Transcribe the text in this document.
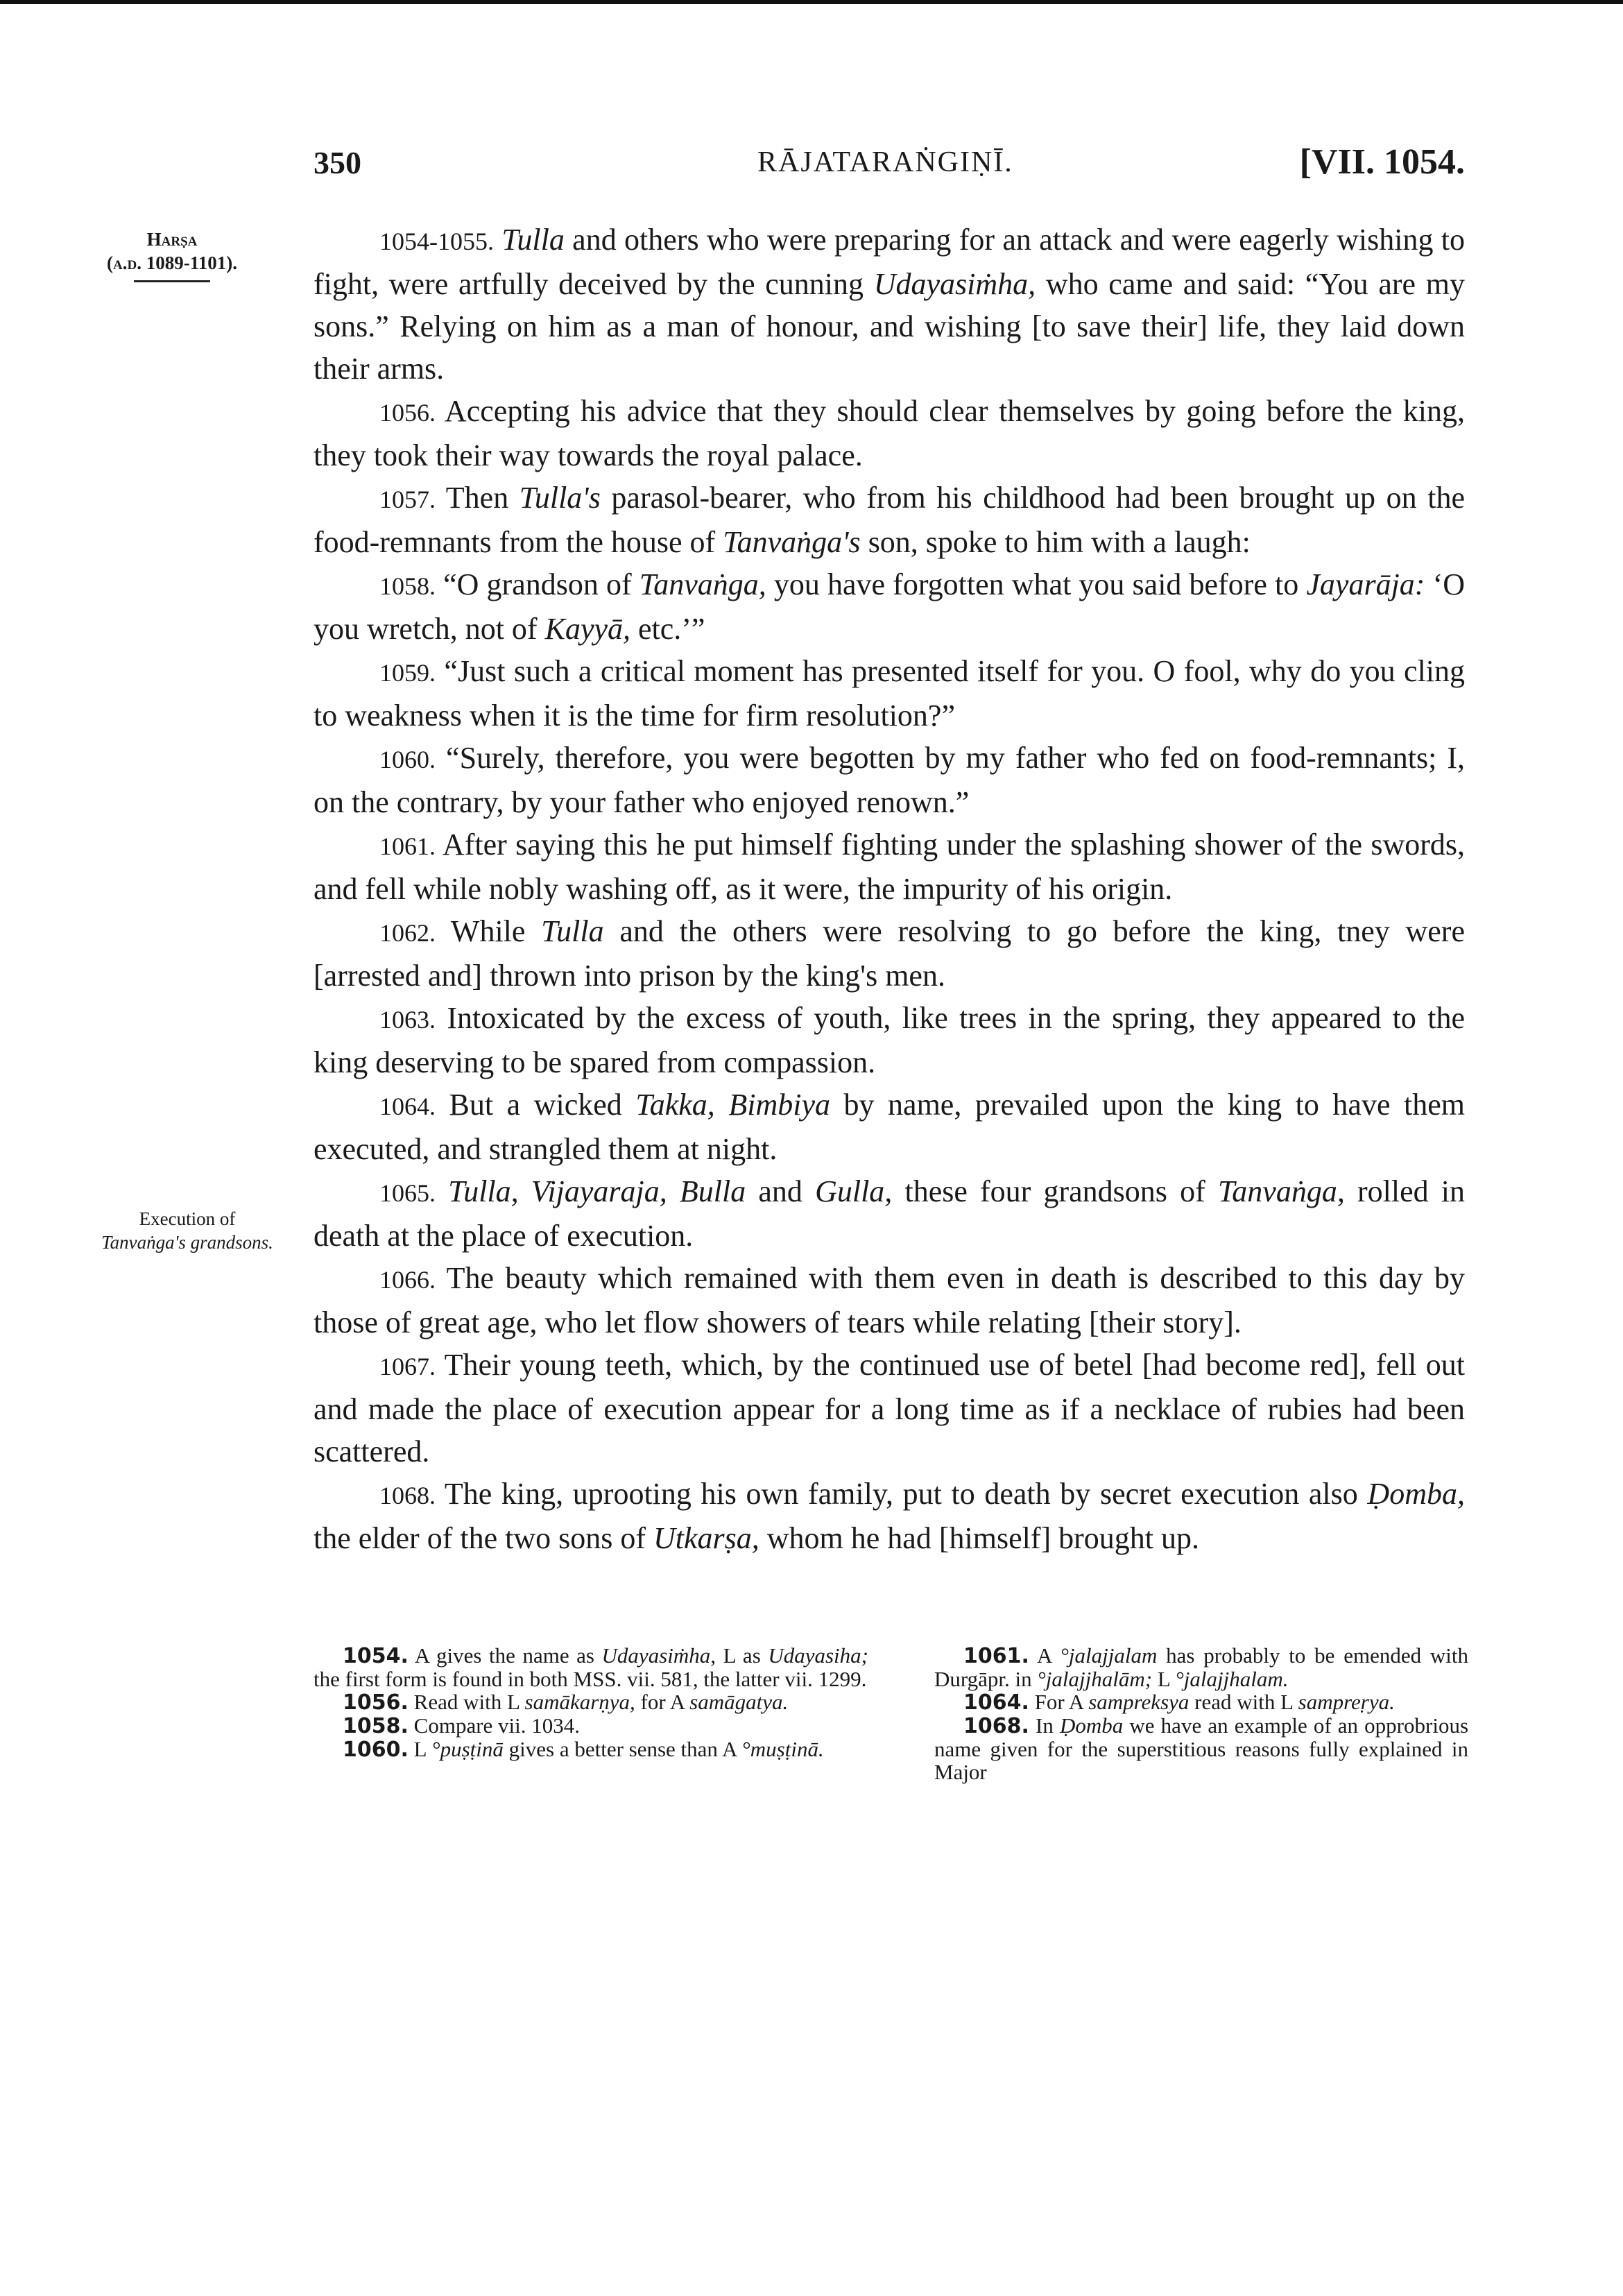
350	RĀJATARAṄGIṆĪ.	[VII. 1054.
Harṣa
(a.d. 1089-1101).
Execution of
Tanvaṅga's grandsons.

1054-1055. Tulla and others who were preparing for an attack and were eagerly wishing to fight, were artfully deceived by the cunning Udayasiṁha, who came and said: “You are my sons.” Relying on him as a man of honour, and wishing [to save their] life, they laid down their arms.

1056. Accepting his advice that they should clear themselves by going before the king, they took their way towards the royal palace.

1057. Then Tulla's parasol-bearer, who from his childhood had been brought up on the food-remnants from the house of Tanvaṅga's son, spoke to him with a laugh:

1058. “O grandson of Tanvaṅga, you have forgotten what you said before to Jayarāja: ‘O you wretch, not of Kayyā, etc.’”

1059. “Just such a critical moment has presented itself for you. O fool, why do you cling to weakness when it is the time for firm resolution?”

1060. “Surely, therefore, you were begotten by my father who fed on food-remnants; I, on the contrary, by your father who enjoyed renown.”

1061. After saying this he put himself fighting under the splashing shower of the swords, and fell while nobly washing off, as it were, the impurity of his origin.

1062. While Tulla and the others were resolving to go before the king, tney were [arrested and] thrown into prison by the king's men.

1063. Intoxicated by the excess of youth, like trees in the spring, they appeared to the king deserving to be spared from compassion.

1064. But a wicked Takka, Bimbiya by name, prevailed upon the king to have them executed, and strangled them at night.

1065. Tulla, Vijayaraja, Bulla and Gulla, these four grandsons of Tanvaṅga, rolled in death at the place of execution.

1066. The beauty which remained with them even in death is described to this day by those of great age, who let flow showers of tears while relating [their story].

1067. Their young teeth, which, by the continued use of betel [had become red], fell out and made the place of execution appear for a long time as if a necklace of rubies had been scattered.

1068. The king, uprooting his own family, put to death by secret execution also Ḍomba, the elder of the two sons of Utkarṣa, whom he had [himself] brought up.

1054. A gives the name as Udayasiṁha, L as Udayasiha; the first form is found in both MSS. vii. 581, the latter vii. 1299.

1056. Read with L samākarṇya, for A samāgatya.

1058. Compare vii. 1034.

1060. L °puṣṭinā gives a better sense than A °muṣṭinā.

1061. A °jalajjalam has probably to be emended with Durgāpr. in °jalajjhalām; L °jalajjhalam.

1064. For A sampreksya read with L sampreṛya.

1068. In Ḍomba we have an example of an opprobrious name given for the superstitious reasons fully explained in Major
